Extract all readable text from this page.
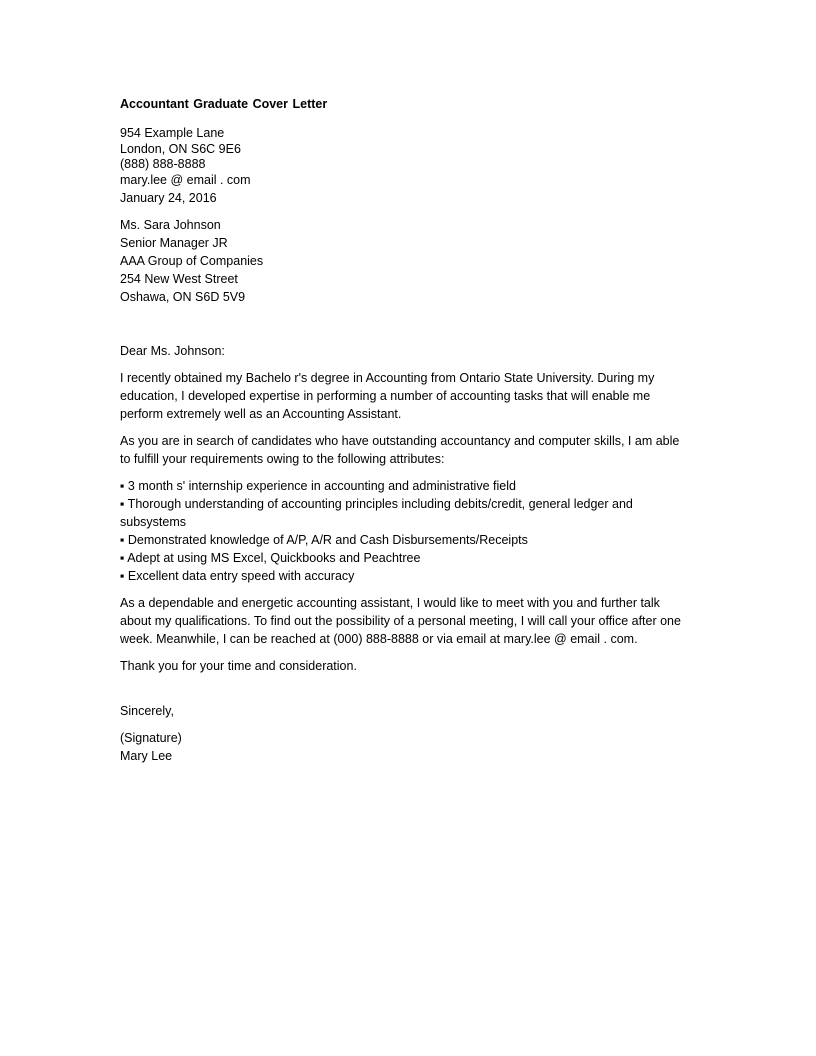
Accountant Graduate Cover Letter
954 Example Lane
London, ON S6C 9E6
(888) 888-8888
mary.lee @ email . com
January 24, 2016
Ms. Sara Johnson
Senior Manager JR
AAA Group of Companies
254 New West Street
Oshawa, ON S6D 5V9
Dear Ms. Johnson:

I recently obtained my Bachelo r's degree in Accounting from Ontario State University. During my education, I developed expertise in performing a number of accounting tasks that will enable me perform extremely well as an Accounting Assistant.

As you are in search of candidates who have outstanding accountancy and computer skills, I am able to fulfill your requirements owing to the following attributes:

▪ 3 month s' internship experience in accounting and administrative field
▪ Thorough understanding of accounting principles including debits/credit, general ledger and subsystems
▪ Demonstrated knowledge of A/P, A/R and Cash Disbursements/Receipts
▪ Adept at using MS Excel, Quickbooks and Peachtree
▪ Excellent data entry speed with accuracy

As a dependable and energetic accounting assistant, I would like to meet with you and further talk about my qualifications. To find out the possibility of a personal meeting, I will call your office after one week. Meanwhile, I can be reached at (000) 888-8888 or via email at mary.lee @ email . com.

Thank you for your time and consideration.

Sincerely,
(Signature)
Mary Lee
